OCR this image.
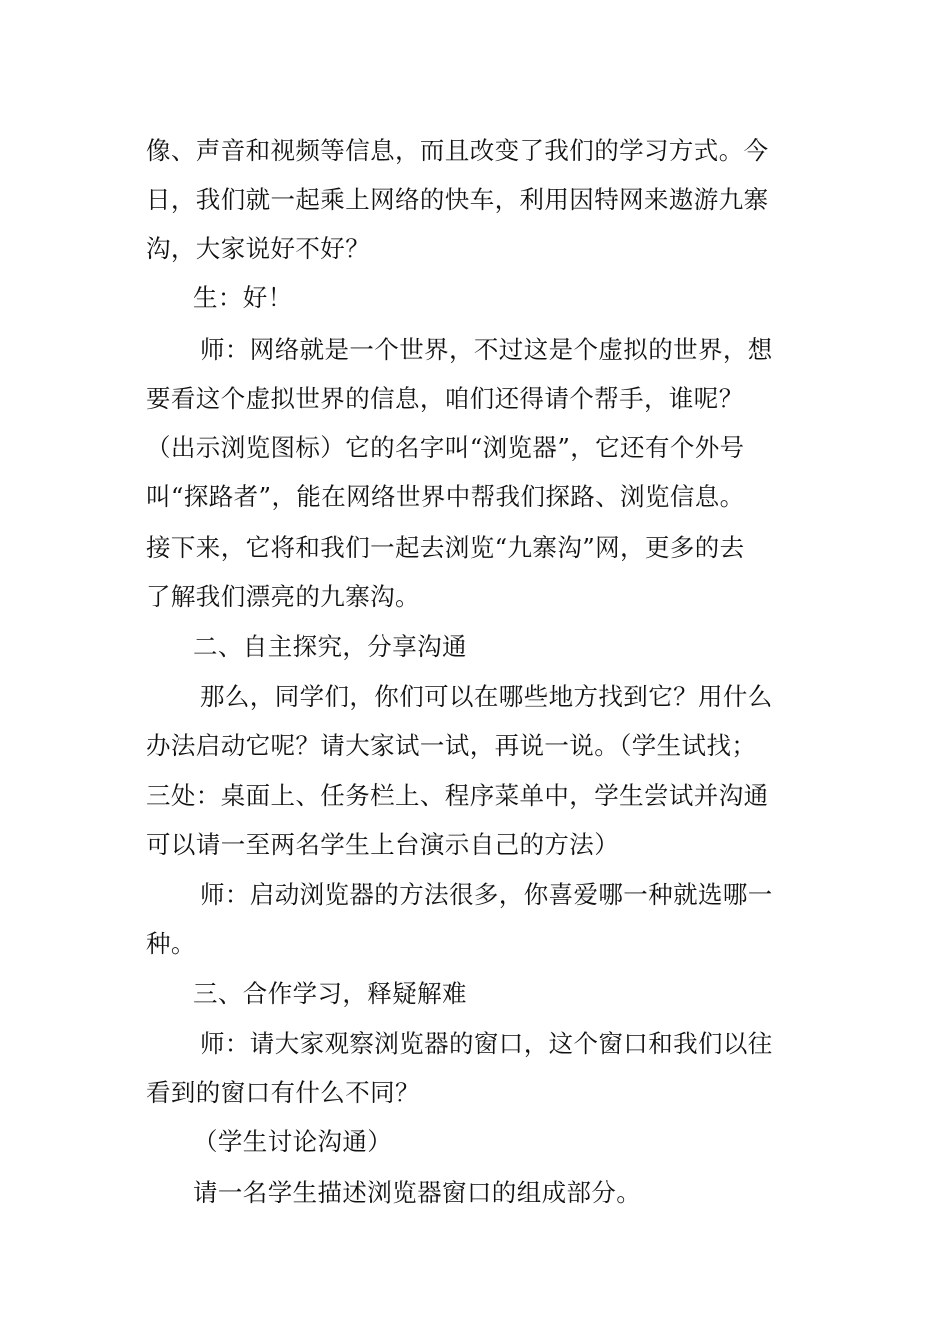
像、声音和视频等信息，而且改变了我们的学习方式。今
日，我们就一起乘上网络的快车，利用因特网来遨游九寨
沟，大家说好不好？
生：好！
师：网络就是一个世界，不过这是个虚拟的世界，想
要看这个虚拟世界的信息，咱们还得请个帮手，谁呢？
（出示浏览图标）它的名字叫“浏览器”，它还有个外号
叫“探路者”，能在网络世界中帮我们探路、浏览信息。
接下来，它将和我们一起去浏览“九寨沟”网，更多的去
了解我们漂亮的九寨沟。
二、自主探究，分享沟通
那么，同学们，你们可以在哪些地方找到它？用什么
办法启动它呢？请大家试一试，再说一说。（学生试找；
三处：桌面上、任务栏上、程序菜单中，学生尝试并沟通
可以请一至两名学生上台演示自己的方法）
师：启动浏览器的方法很多，你喜爱哪一种就选哪一
种。
三、合作学习，释疑解难
师：请大家观察浏览器的窗口，这个窗口和我们以往
看到的窗口有什么不同？
（学生讨论沟通）
请一名学生描述浏览器窗口的组成部分。
